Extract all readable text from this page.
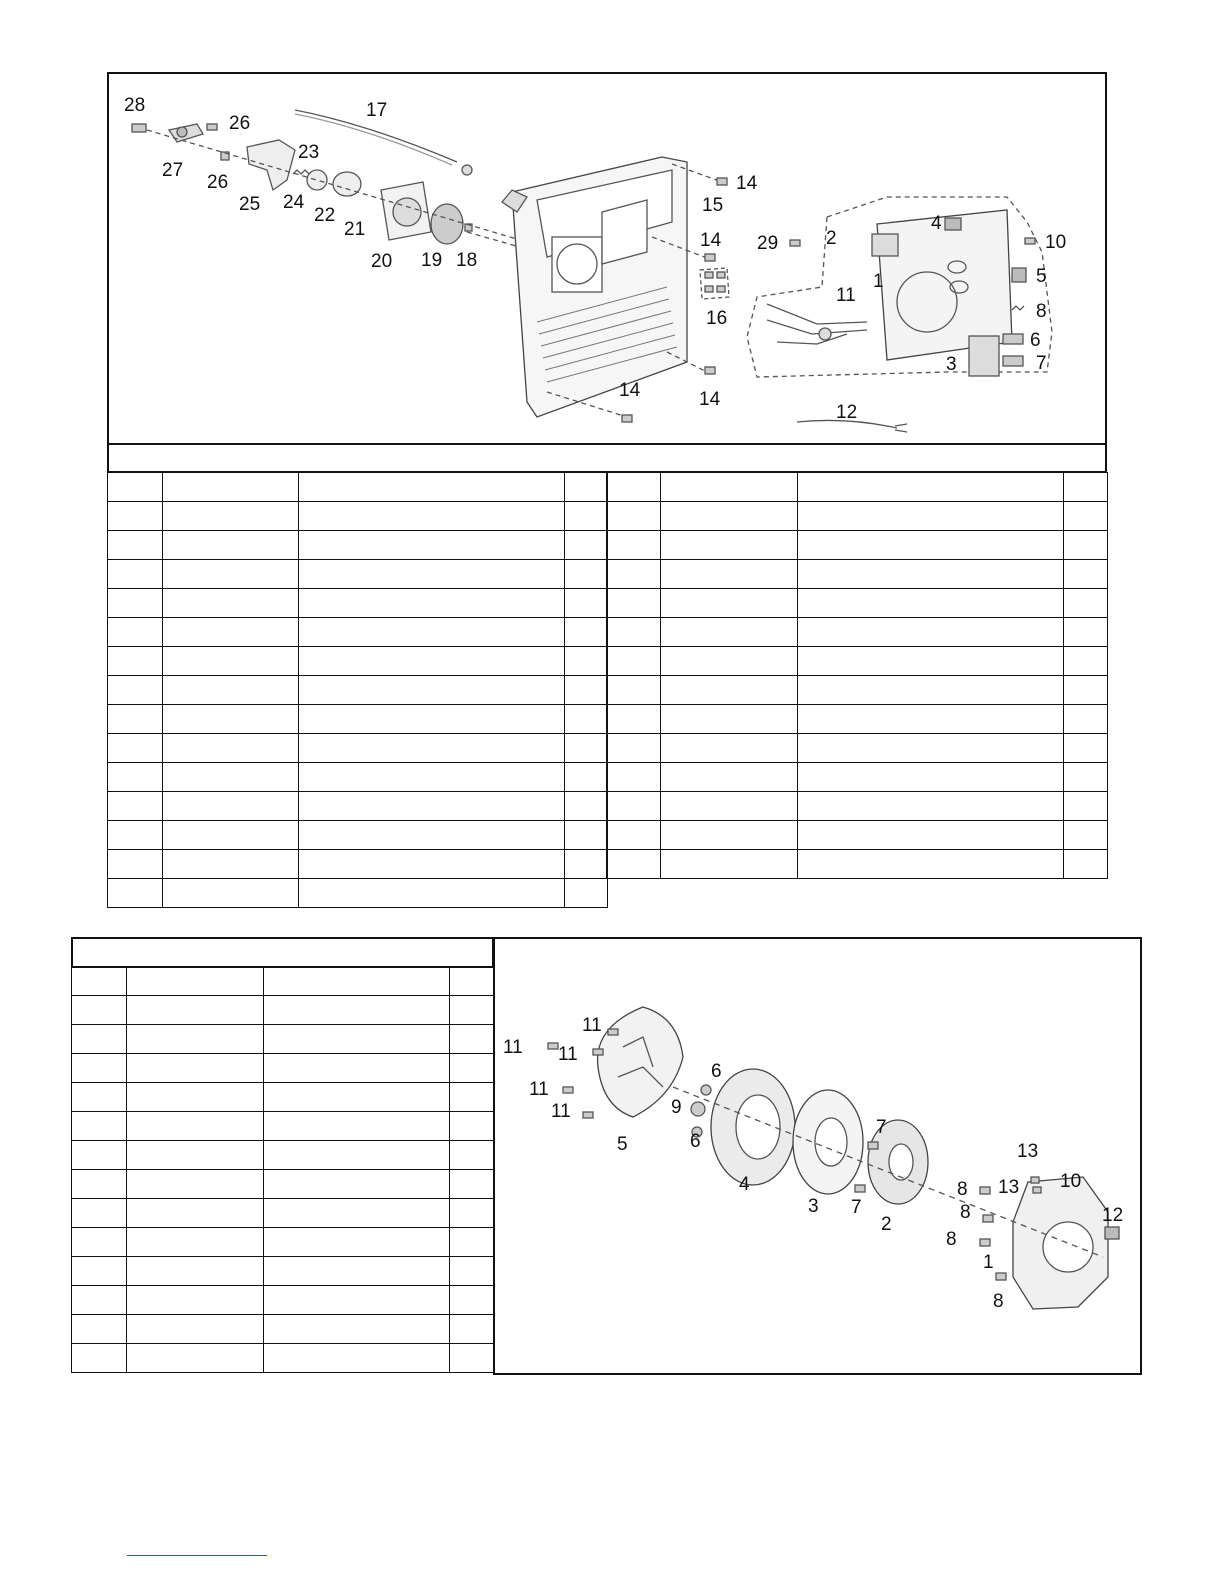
28
26
27
26
25 24
23
22
21
20 19 18
17
15
14
14
16
14
14
29	2
4
10
1
11
5
8
6
3	7
12

11
11 11
11
11
5
6
9
6
4
3
7
7
2
13
13 10
8
8
8
8
12
1
